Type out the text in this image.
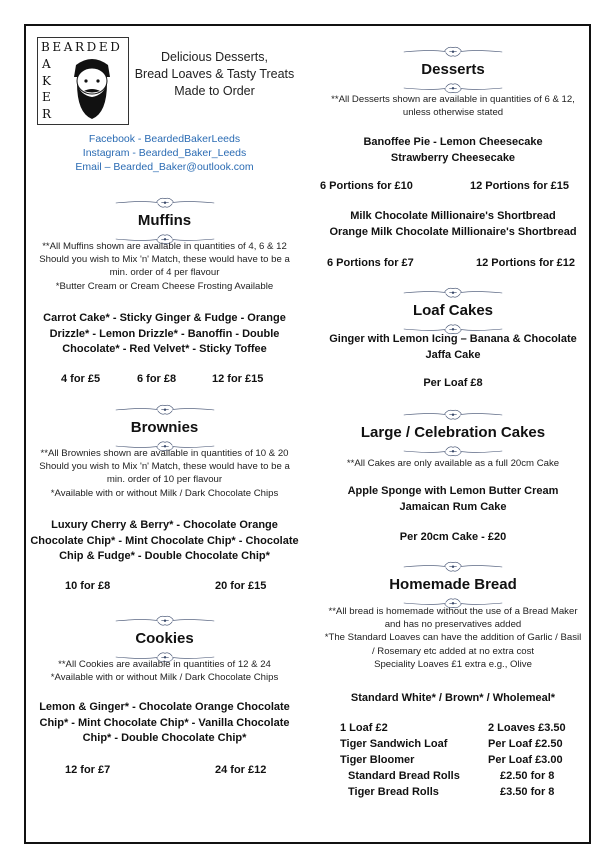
BEARDED
A
K
E
R
Delicious Desserts,
Bread Loaves & Tasty Treats
Made to Order
Facebook - BeardedBakerLeeds
Instagram - Bearded_Baker_Leeds
Email – Bearded_Baker@outlook.com
Muffins
**All Muffins shown are available in quantities of 4, 6 & 12
Should you wish to Mix 'n' Match, these would have to be a
min. order of 4 per flavour
*Butter Cream or Cream Cheese Frosting Available
Carrot Cake* - Sticky Ginger & Fudge - Orange
Drizzle* - Lemon Drizzle* - Banoffin - Double
Chocolate* - Red Velvet* - Sticky Toffee
4 for £5	6 for £8	12 for £15
Brownies
**All Brownies shown are available in quantities of 10 & 20
Should you wish to Mix 'n' Match, these would have to be a
min. order of 10 per flavour
*Available with or without Milk / Dark Chocolate Chips
Luxury Cherry & Berry* - Chocolate Orange
Chocolate Chip* - Mint Chocolate Chip* - Chocolate
Chip & Fudge* - Double Chocolate Chip*
10 for £8	20 for £15
Cookies
**All Cookies are available in quantities of 12 & 24
*Available with or without Milk / Dark Chocolate Chips
Lemon & Ginger* - Chocolate Orange Chocolate
Chip* - Mint Chocolate Chip* - Vanilla Chocolate
Chip* - Double Chocolate Chip*
12 for £7	24 for £12
Desserts
**All Desserts shown are available in quantities of 6 & 12,
unless otherwise stated
Banoffee Pie - Lemon Cheesecake
Strawberry Cheesecake
6 Portions for £10	12 Portions for £15
Milk Chocolate Millionaire's Shortbread
Orange Milk Chocolate Millionaire's Shortbread
6 Portions for £7	12 Portions for £12
Loaf Cakes
Ginger with Lemon Icing – Banana & Chocolate
Jaffa Cake
Per Loaf £8
Large / Celebration Cakes
**All Cakes are only available as a full 20cm Cake
Apple Sponge with Lemon Butter Cream
Jamaican Rum Cake
Per 20cm Cake - £20
Homemade Bread
**All bread is homemade without the use of a Bread Maker
and has no preservatives added
*The Standard Loaves can have the addition of Garlic / Basil
/ Rosemary etc added at no extra cost
Speciality Loaves £1 extra e.g., Olive
Standard White* / Brown* / Wholemeal*
1 Loaf £2	2 Loaves £3.50
Tiger Sandwich Loaf	Per Loaf £2.50
Tiger Bloomer	Per Loaf £3.00
Standard Bread Rolls	£2.50 for 8
Tiger Bread Rolls	£3.50 for 8
